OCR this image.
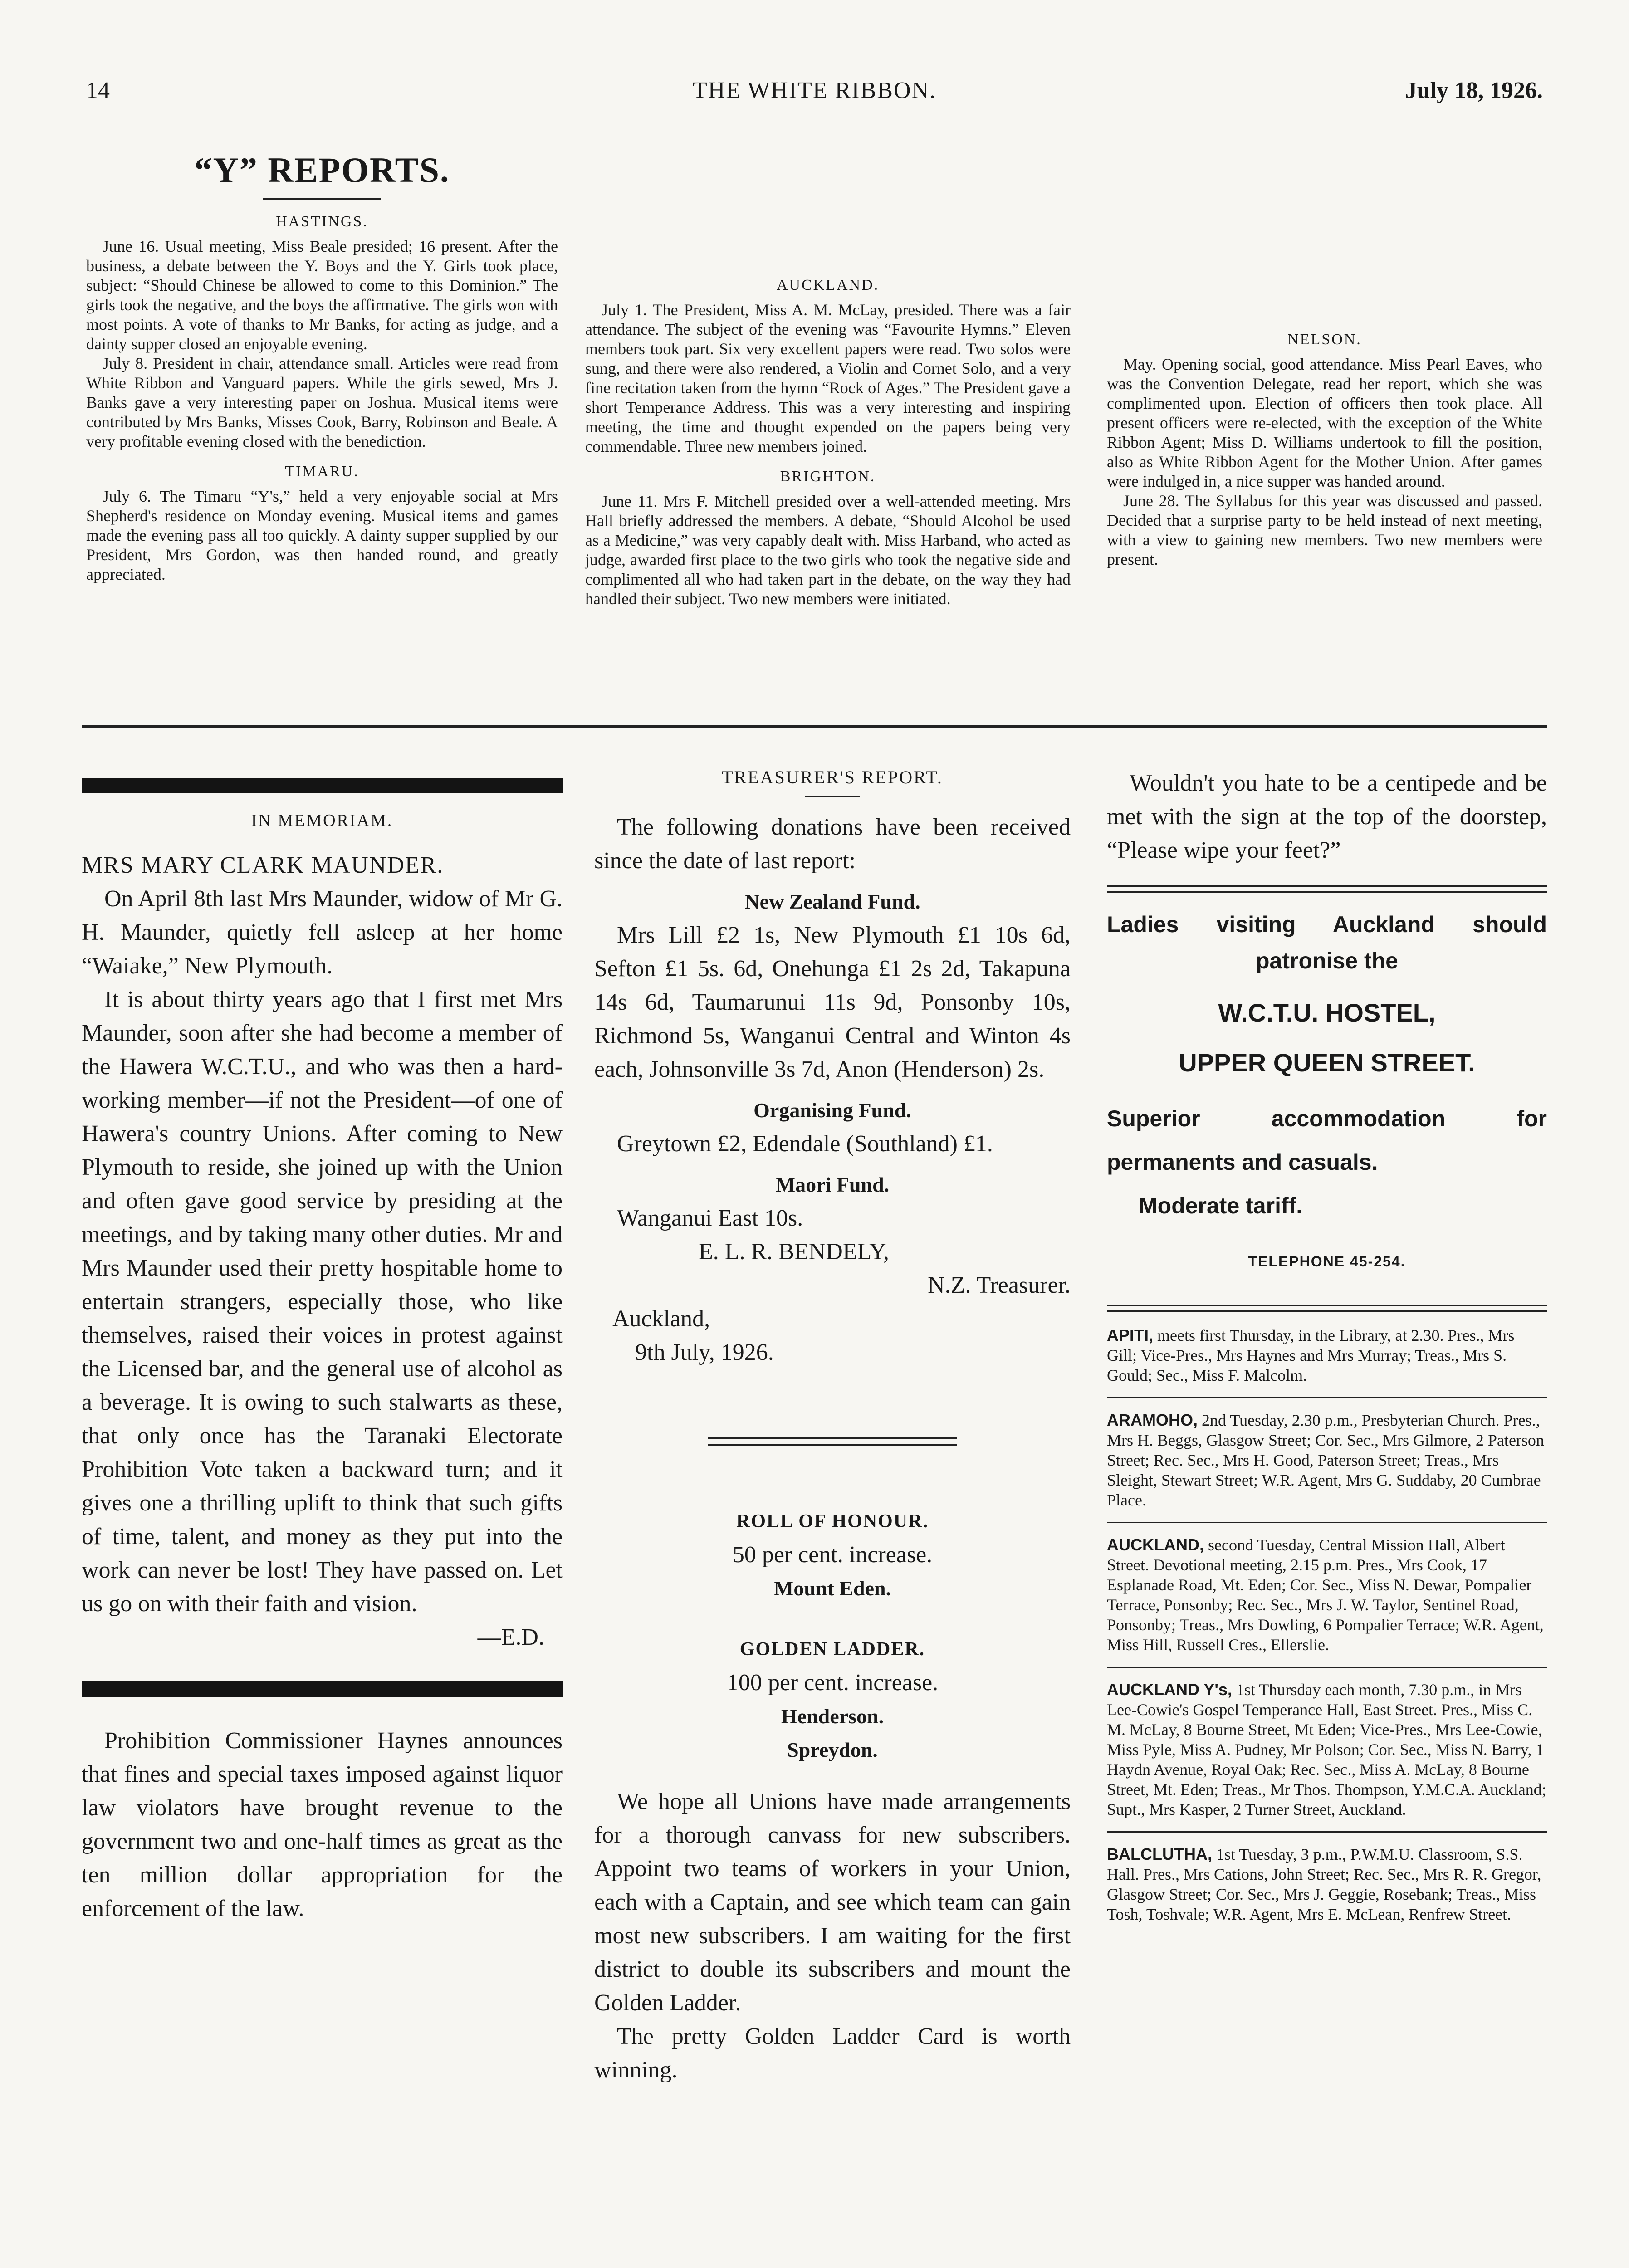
14	THE WHITE RIBBON.	July 18, 1926.
“Y” REPORTS.
HASTINGS.

June 16. Usual meeting, Miss Beale presided; 16 present. After the business, a debate between the Y. Boys and the Y. Girls took place, subject: “Should Chinese be allowed to come to this Dominion.” The girls took the negative, and the boys the affirmative. The girls won with most points. A vote of thanks to Mr Banks, for acting as judge, and a dainty supper closed an enjoyable evening.

July 8. President in chair, attendance small. Articles were read from White Ribbon and Vanguard papers. While the girls sewed, Mrs J. Banks gave a very interesting paper on Joshua. Musical items were contributed by Mrs Banks, Misses Cook, Barry, Robinson and Beale. A very profitable evening closed with the benediction.

TIMARU.

July 6. The Timaru “Y's,” held a very enjoyable social at Mrs Shepherd's residence on Monday evening. Musical items and games made the evening pass all too quickly. A dainty supper supplied by our President, Mrs Gordon, was then handed round, and greatly appreciated.

AUCKLAND.

July 1. The President, Miss A. M. McLay, presided. There was a fair attendance. The subject of the evening was “Favourite Hymns.” Eleven members took part. Six very excellent papers were read. Two solos were sung, and there were also rendered, a Violin and Cornet Solo, and a very fine recitation taken from the hymn “Rock of Ages.” The President gave a short Temperance Address. This was a very interesting and inspiring meeting, the time and thought expended on the papers being very commendable. Three new members joined.

BRIGHTON.

June 11. Mrs F. Mitchell presided over a well-attended meeting. Mrs Hall briefly addressed the members. A debate, “Should Alcohol be used as a Medicine,” was very capably dealt with. Miss Harband, who acted as judge, awarded first place to the two girls who took the negative side and complimented all who had taken part in the debate, on the way they had handled their subject. Two new members were initiated.

NELSON.

May. Opening social, good attendance. Miss Pearl Eaves, who was the Convention Delegate, read her report, which she was complimented upon. Election of officers then took place. All present officers were re-elected, with the exception of the White Ribbon Agent; Miss D. Williams undertook to fill the position, also as White Ribbon Agent for the Mother Union. After games were indulged in, a nice supper was handed around.

June 28. The Syllabus for this year was discussed and passed. Decided that a surprise party to be held instead of next meeting, with a view to gaining new members. Two new members were present.

IN MEMORIAM.

MRS MARY CLARK MAUNDER.

On April 8th last Mrs Maunder, widow of Mr G. H. Maunder, quietly fell asleep at her home “Waiake,” New Plymouth.

It is about thirty years ago that I first met Mrs Maunder, soon after she had become a member of the Hawera W.C.T.U., and who was then a hard-working member—if not the President—of one of Hawera's country Unions. After coming to New Plymouth to reside, she joined up with the Union and often gave good service by presiding at the meetings, and by taking many other duties. Mr and Mrs Maunder used their pretty hospitable home to entertain strangers, especially those, who like themselves, raised their voices in protest against the Licensed bar, and the general use of alcohol as a beverage. It is owing to such stalwarts as these, that only once has the Taranaki Electorate Prohibition Vote taken a backward turn; and it gives one a thrilling uplift to think that such gifts of time, talent, and money as they put into the work can never be lost! They have passed on. Let us go on with their faith and vision.

—E.D.

Prohibition Commissioner Haynes announces that fines and special taxes imposed against liquor law violators have brought revenue to the government two and one-half times as great as the ten million dollar appropriation for the enforcement of the law.

TREASURER'S REPORT.

The following donations have been received since the date of last report:

New Zealand Fund.

Mrs Lill £2 1s, New Plymouth £1 10s 6d, Sefton £1 5s. 6d, Onehunga £1 2s 2d, Takapuna 14s 6d, Taumarunui 11s 9d, Ponsonby 10s, Richmond 5s, Wanganui Central and Winton 4s each, Johnsonville 3s 7d, Anon (Henderson) 2s.

Organising Fund.

Greytown £2, Edendale (Southland) £1.

Maori Fund.

Wanganui East 10s.

E. L. R. BENDELY,

N.Z. Treasurer.

Auckland,

9th July, 1926.

ROLL OF HONOUR.

50 per cent. increase.

Mount Eden.

GOLDEN LADDER.

100 per cent. increase.

Henderson.

Spreydon.

We hope all Unions have made arrangements for a thorough canvass for new subscribers. Appoint two teams of workers in your Union, each with a Captain, and see which team can gain most new subscribers. I am waiting for the first district to double its subscribers and mount the Golden Ladder.

The pretty Golden Ladder Card is worth winning.

Wouldn't you hate to be a centipede and be met with the sign at the top of the doorstep, “Please wipe your feet?”

Ladies visiting Auckland should

patronise the

W.C.T.U. HOSTEL,

UPPER QUEEN STREET.

Superior accommodation for

permanents and casuals.

Moderate tariff.

TELEPHONE 45-254.

APITI, meets first Thursday, in the Library, at 2.30. Pres., Mrs Gill; Vice-Pres., Mrs Haynes and Mrs Murray; Treas., Mrs S. Gould; Sec., Miss F. Malcolm.

ARAMOHO, 2nd Tuesday, 2.30 p.m., Presbyterian Church. Pres., Mrs H. Beggs, Glasgow Street; Cor. Sec., Mrs Gilmore, 2 Paterson Street; Rec. Sec., Mrs H. Good, Paterson Street; Treas., Mrs Sleight, Stewart Street; W.R. Agent, Mrs G. Suddaby, 20 Cumbrae Place.

AUCKLAND, second Tuesday, Central Mission Hall, Albert Street. Devotional meeting, 2.15 p.m. Pres., Mrs Cook, 17 Esplanade Road, Mt. Eden; Cor. Sec., Miss N. Dewar, Pompalier Terrace, Ponsonby; Rec. Sec., Mrs J. W. Taylor, Sentinel Road, Ponsonby; Treas., Mrs Dowling, 6 Pompalier Terrace; W.R. Agent, Miss Hill, Russell Cres., Ellerslie.

AUCKLAND Y's, 1st Thursday each month, 7.30 p.m., in Mrs Lee-Cowie's Gospel Temperance Hall, East Street. Pres., Miss C. M. McLay, 8 Bourne Street, Mt Eden; Vice-Pres., Mrs Lee-Cowie, Miss Pyle, Miss A. Pudney, Mr Polson; Cor. Sec., Miss N. Barry, 1 Haydn Avenue, Royal Oak; Rec. Sec., Miss A. McLay, 8 Bourne Street, Mt. Eden; Treas., Mr Thos. Thompson, Y.M.C.A. Auckland; Supt., Mrs Kasper, 2 Turner Street, Auckland.

BALCLUTHA, 1st Tuesday, 3 p.m., P.W.M.U. Classroom, S.S. Hall. Pres., Mrs Cations, John Street; Rec. Sec., Mrs R. R. Gregor, Glasgow Street; Cor. Sec., Mrs J. Geggie, Rosebank; Treas., Miss Tosh, Toshvale; W.R. Agent, Mrs E. McLean, Renfrew Street.
